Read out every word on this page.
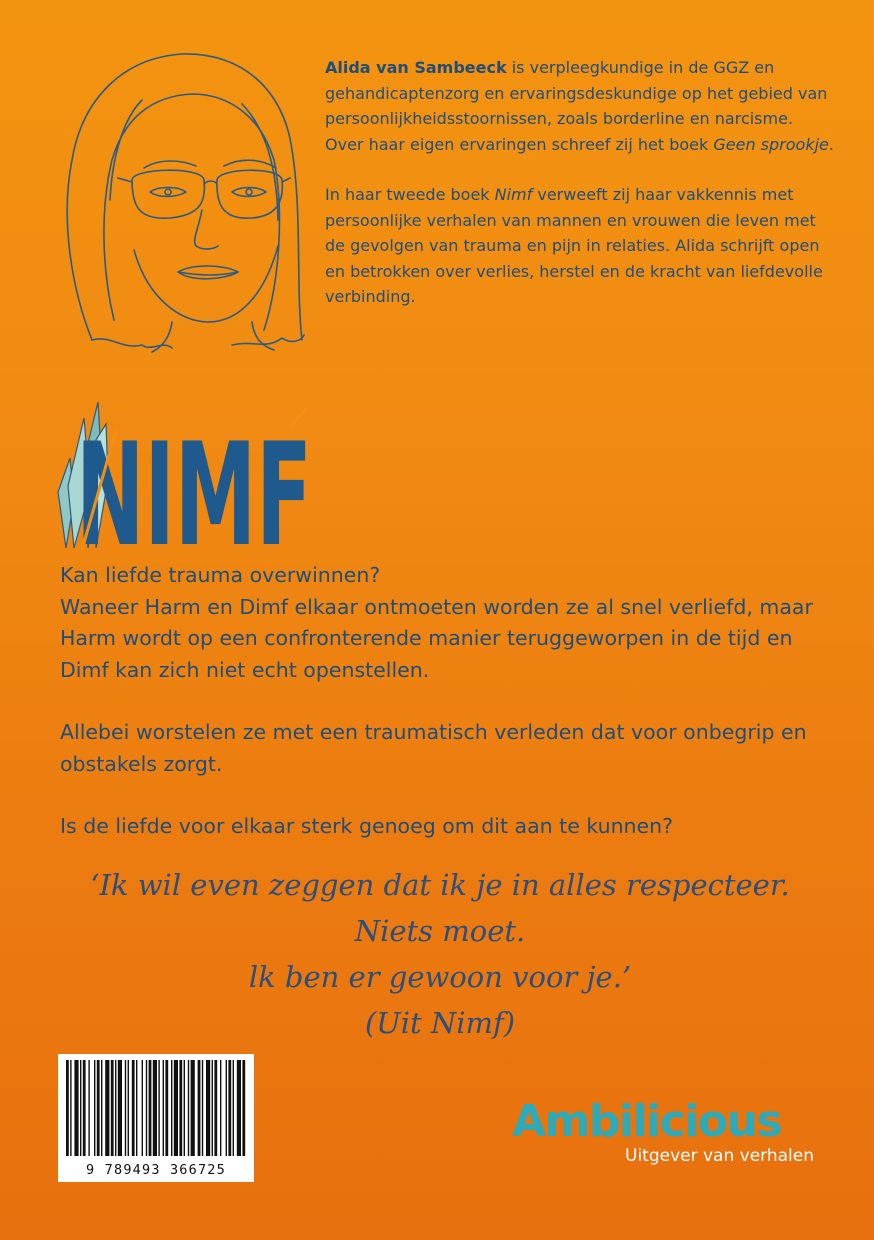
Alida van Sambeeck is verpleegkundige in de GGZ en gehandicaptenzorg en ervaringsdeskundige op het gebied van persoonlijkheidsstoornissen, zoals borderline en narcisme. Over haar eigen ervaringen schreef zij het boek Geen sprookje.

In haar tweede boek Nimf verweeft zij haar vakkennis met persoonlijke verhalen van mannen en vrouwen die leven met de gevolgen van trauma en pijn in relaties. Alida schrijft open en betrokken over verlies, herstel en de kracht van liefdevolle verbinding.

NIMF

Kan liefde trauma overwinnen?

Waneer Harm en Dimf elkaar ontmoeten worden ze al snel verliefd, maar Harm wordt op een confronterende manier teruggeworpen in de tijd en Dimf kan zich niet echt openstellen.

Allebei worstelen ze met een traumatisch verleden dat voor onbegrip en obstakels zorgt.

Is de liefde voor elkaar sterk genoeg om dit aan te kunnen?

‘Ik wil even zeggen dat ik je in alles respecteer.
Niets moet.
lk ben er gewoon voor je.’
(Uit Nimf)
9 789493 366725
Ambilicious
Uitgever van verhalen
